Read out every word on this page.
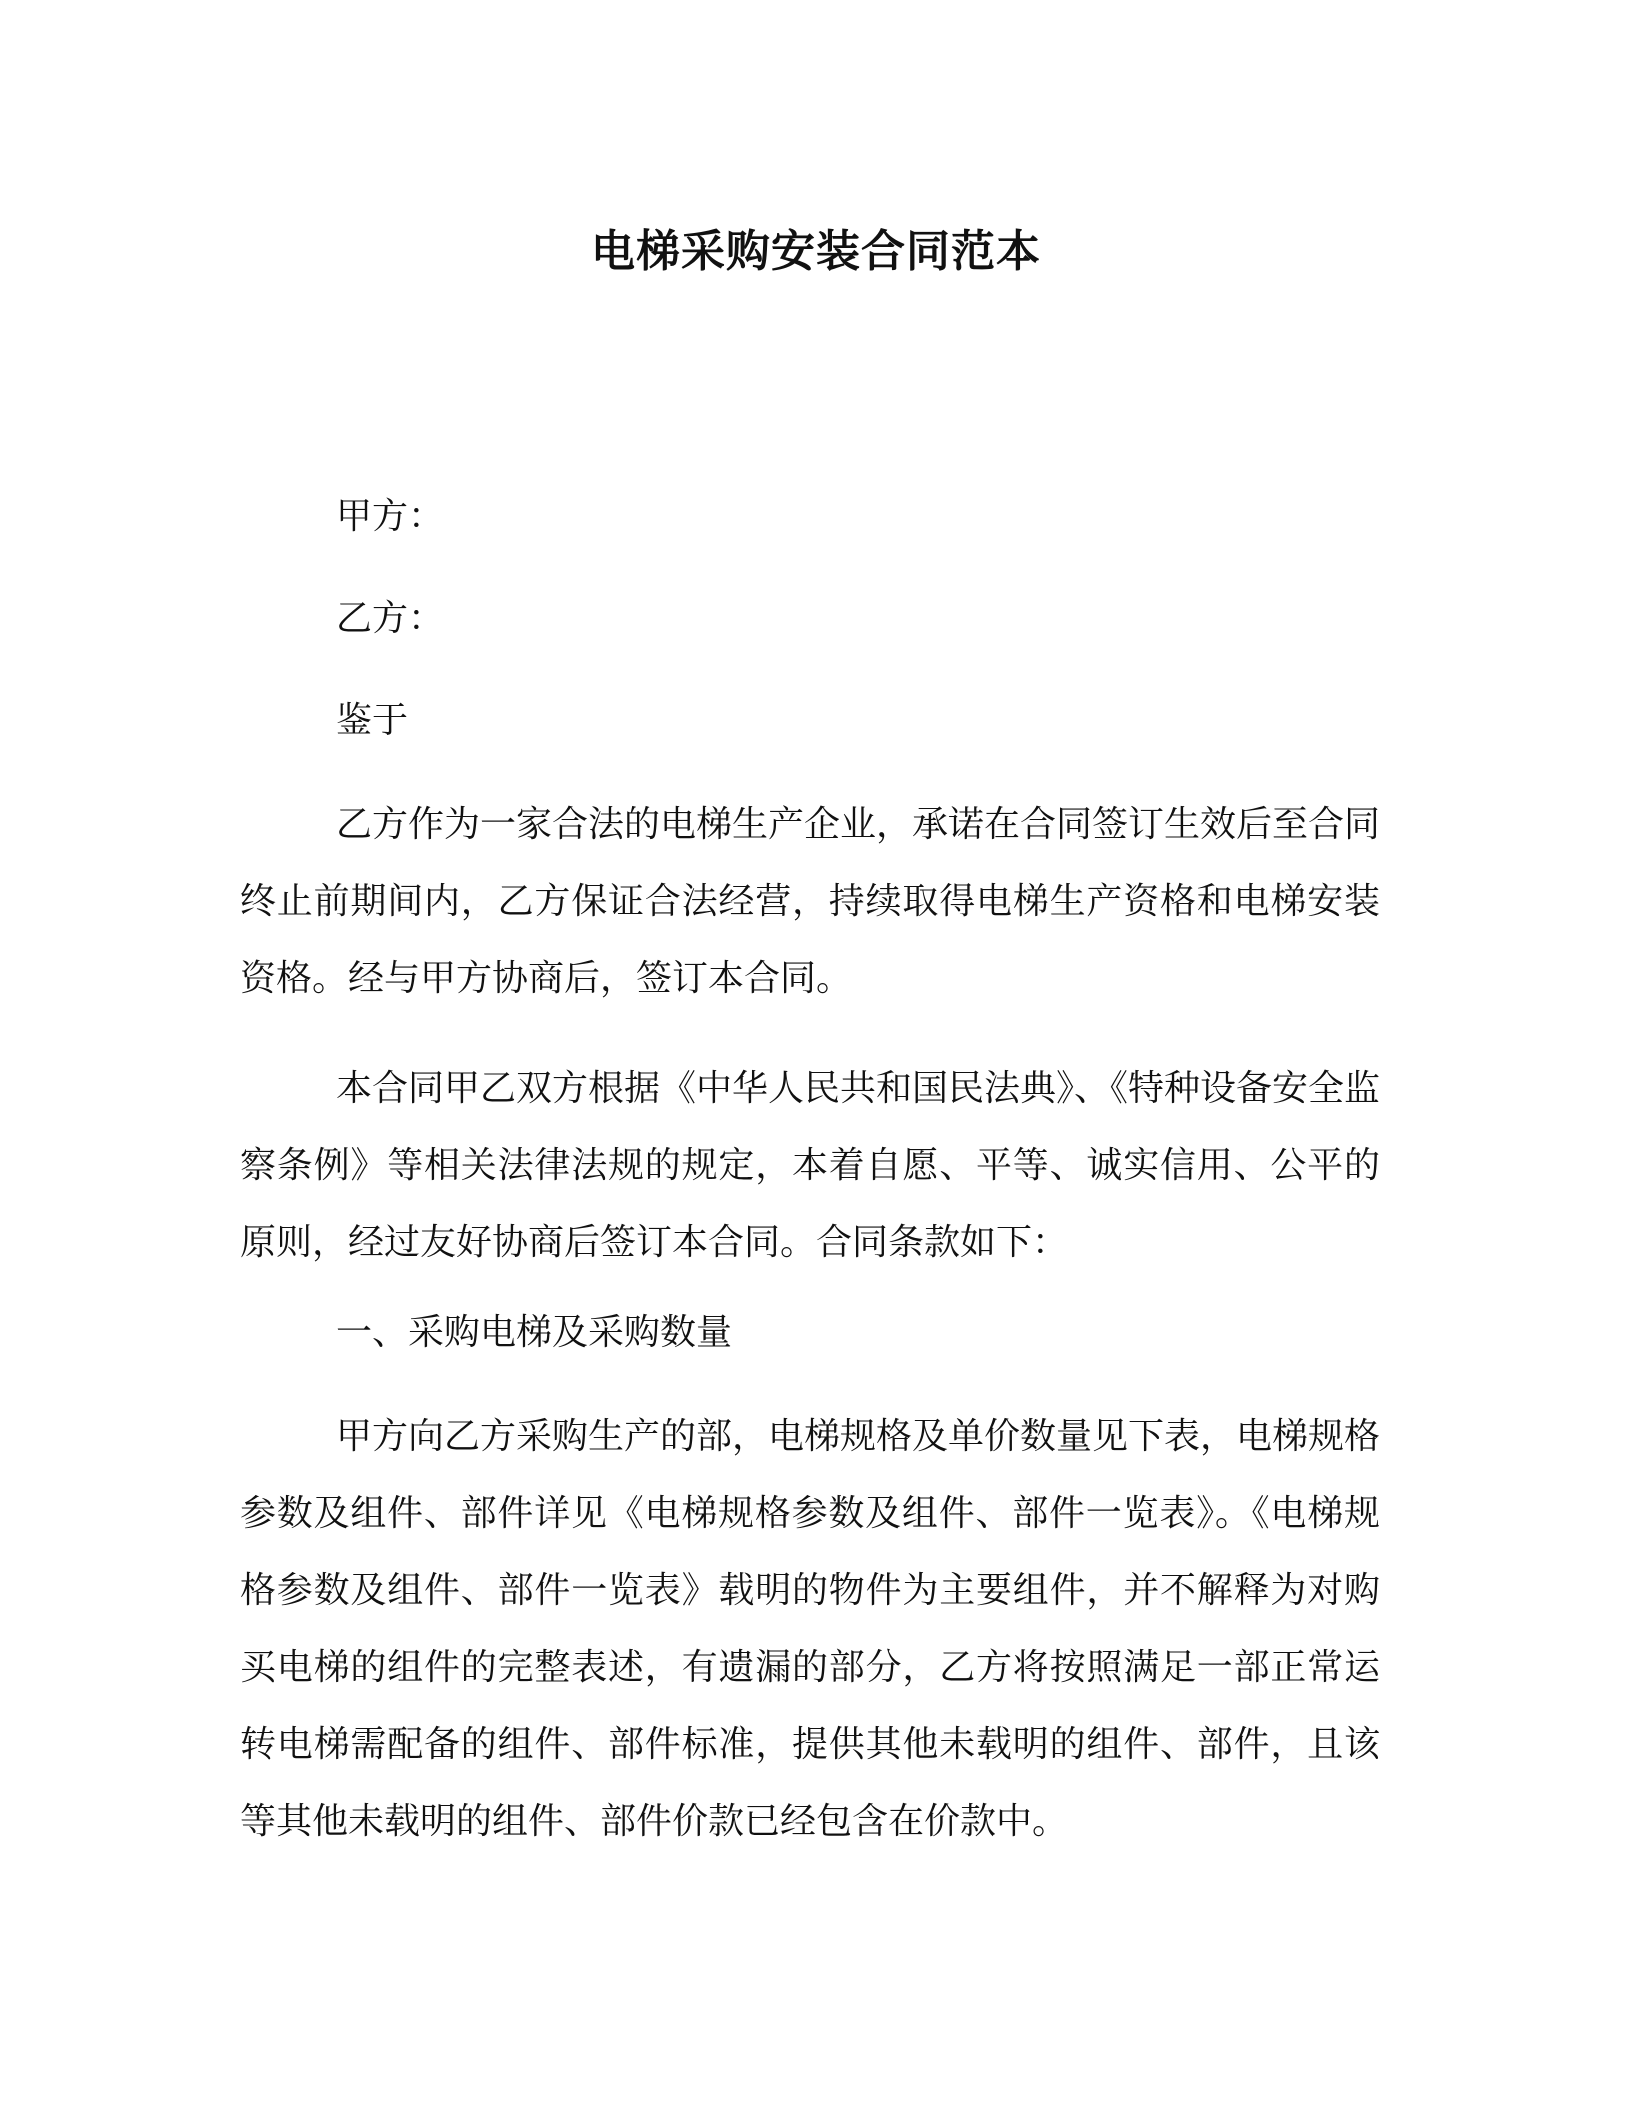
电梯采购安装合同范本

甲方：

乙方：

鉴于

乙方作为一家合法的电梯生产企业，承诺在合同签订生效后至合同终止前期间内，乙方保证合法经营，持续取得电梯生产资格和电梯安装资格。经与甲方协商后，签订本合同。

本合同甲乙双方根据《中华人民共和国民法典》、《特种设备安全监察条例》等相关法律法规的规定，本着自愿、平等、诚实信用、公平的原则，经过友好协商后签订本合同。合同条款如下：

一、采购电梯及采购数量

甲方向乙方采购生产的部，电梯规格及单价数量见下表，电梯规格参数及组件、部件详见《电梯规格参数及组件、部件一览表》。《电梯规格参数及组件、部件一览表》载明的物件为主要组件，并不解释为对购买电梯的组件的完整表述，有遗漏的部分，乙方将按照满足一部正常运转电梯需配备的组件、部件标准，提供其他未载明的组件、部件，且该等其他未载明的组件、部件价款已经包含在价款中。
